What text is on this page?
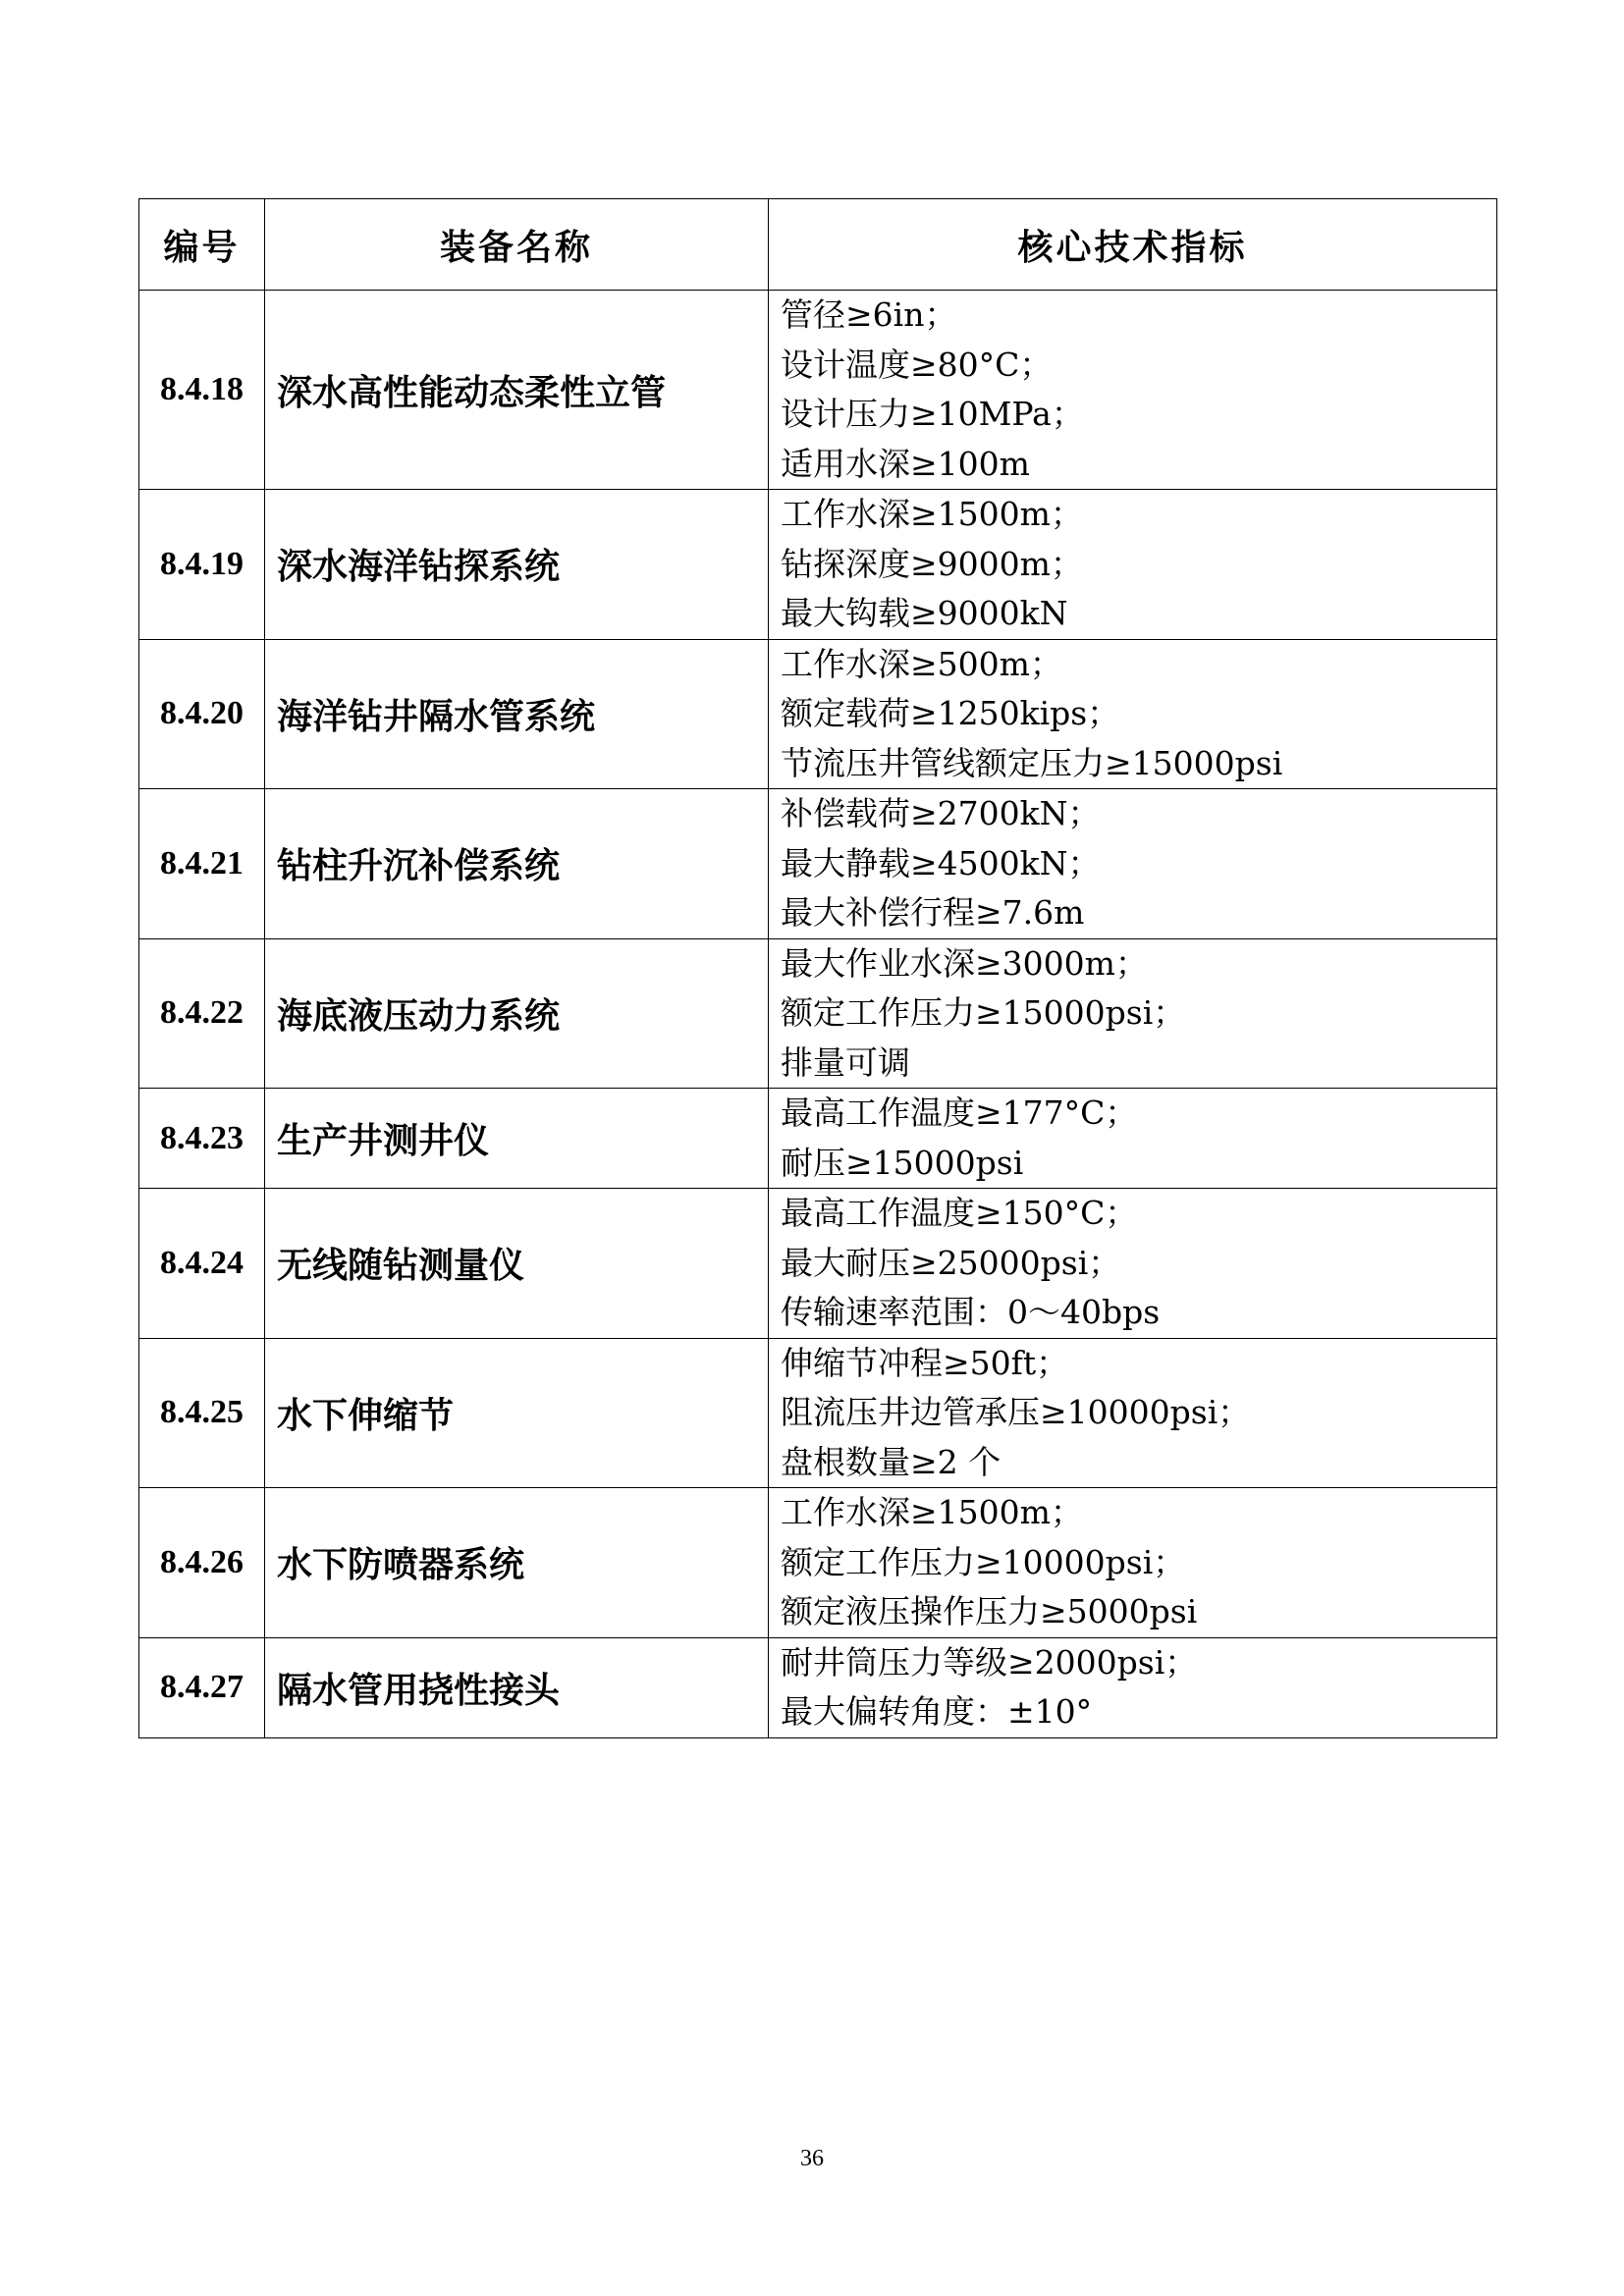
编号	装备名称	核心技术指标
8.4.18	深水高性能动态柔性立管	管径≥6in；
设计温度≥80°C；
设计压力≥10MPa；
适用水深≥100m

8.4.19	深水海洋钻探系统	工作水深≥1500m；
钻探深度≥9000m；
最大钩载≥9000kN

8.4.20	海洋钻井隔水管系统	工作水深≥500m；
额定载荷≥1250kips；
节流压井管线额定压力≥15000psi

8.4.21	钻柱升沉补偿系统	补偿载荷≥2700kN；
最大静载≥4500kN；
最大补偿行程≥7.6m

8.4.22	海底液压动力系统	最大作业水深≥3000m；
额定工作压力≥15000psi；
排量可调

8.4.23	生产井测井仪	最高工作温度≥177°C；
耐压≥15000psi

8.4.24	无线随钻测量仪	最高工作温度≥150°C；
最大耐压≥25000psi；
传输速率范围：0～40bps

8.4.25	水下伸缩节	伸缩节冲程≥50ft；
阻流压井边管承压≥10000psi；
盘根数量≥2 个

8.4.26	水下防喷器系统	工作水深≥1500m；
额定工作压力≥10000psi；
额定液压操作压力≥5000psi

8.4.27	隔水管用挠性接头	耐井筒压力等级≥2000psi；
最大偏转角度：±10°
36
